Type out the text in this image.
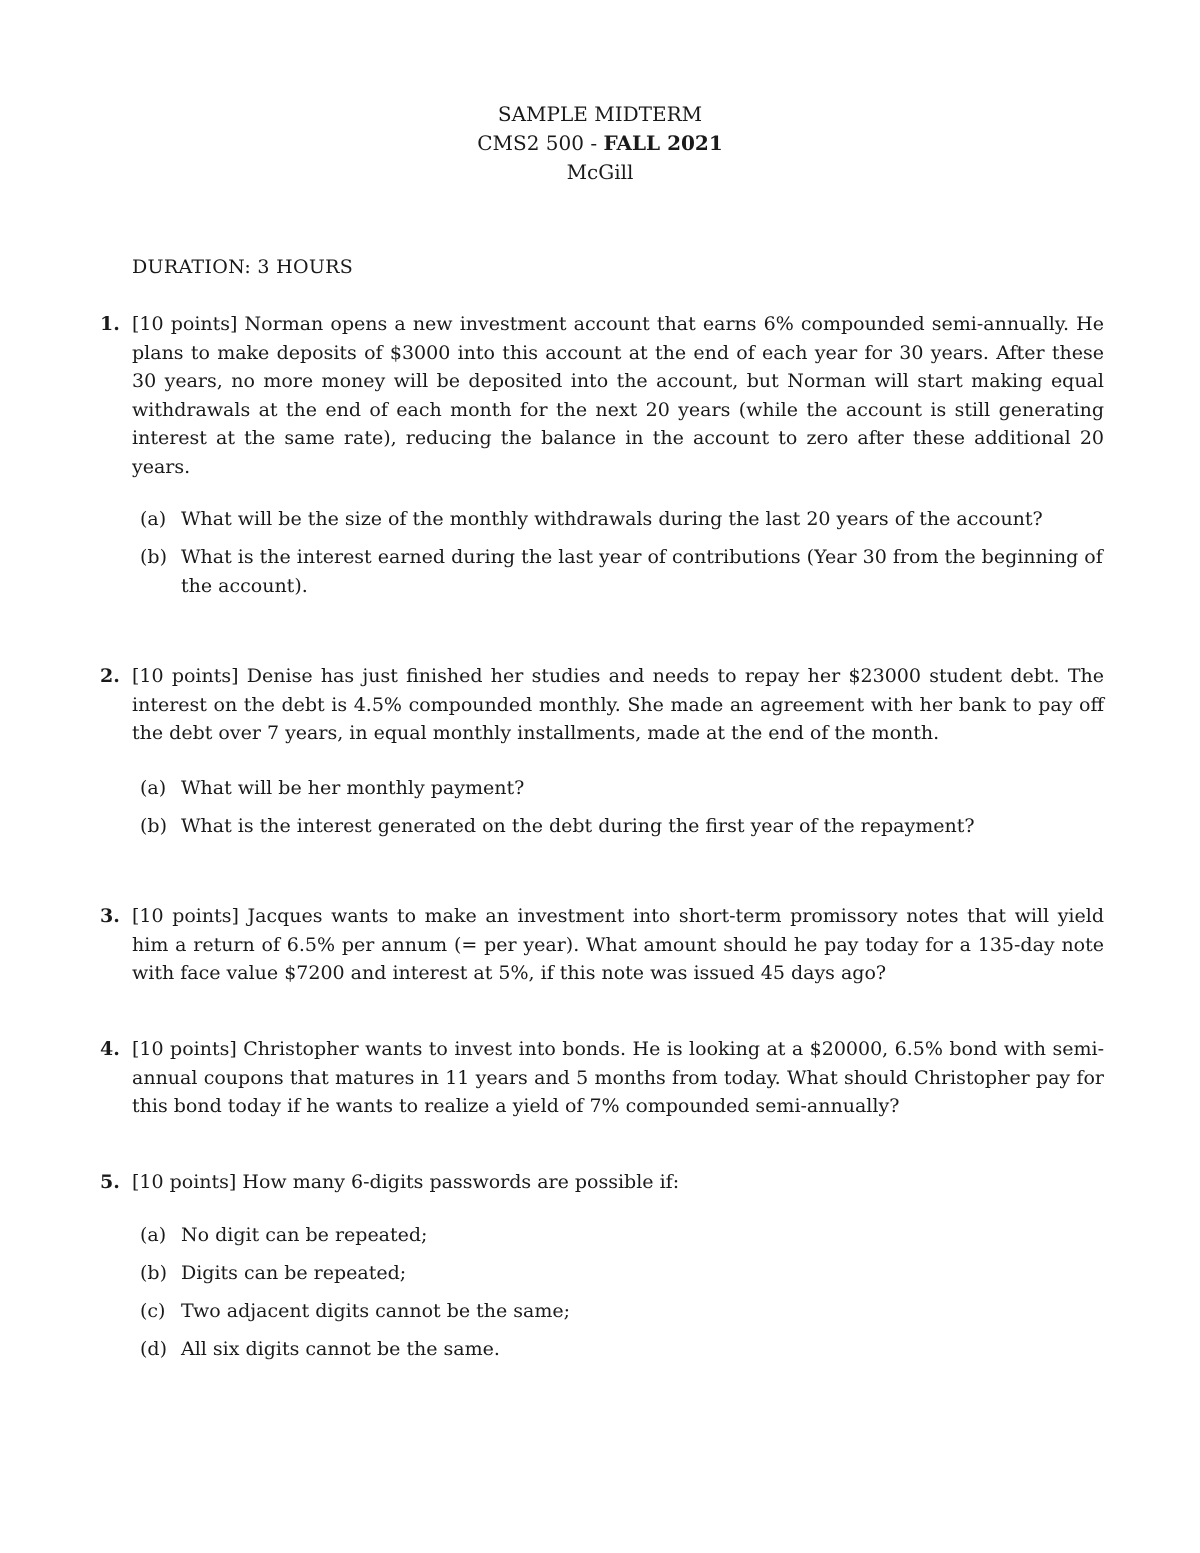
SAMPLE MIDTERM
CMS2 500 - FALL 2021
McGill
DURATION: 3 HOURS
1. [10 points] Norman opens a new investment account that earns 6% compounded semi-annually. He plans to make deposits of $3000 into this account at the end of each year for 30 years. After these 30 years, no more money will be deposited into the account, but Norman will start making equal withdrawals at the end of each month for the next 20 years (while the account is still generating interest at the same rate), reducing the balance in the account to zero after these additional 20 years.
(a) What will be the size of the monthly withdrawals during the last 20 years of the account?
(b) What is the interest earned during the last year of contributions (Year 30 from the beginning of the account).
2. [10 points] Denise has just finished her studies and needs to repay her $23000 student debt. The interest on the debt is 4.5% compounded monthly. She made an agreement with her bank to pay off the debt over 7 years, in equal monthly installments, made at the end of the month.
(a) What will be her monthly payment?
(b) What is the interest generated on the debt during the first year of the repayment?
3. [10 points] Jacques wants to make an investment into short-term promissory notes that will yield him a return of 6.5% per annum (= per year). What amount should he pay today for a 135-day note with face value $7200 and interest at 5%, if this note was issued 45 days ago?
4. [10 points] Christopher wants to invest into bonds. He is looking at a $20000, 6.5% bond with semi-annual coupons that matures in 11 years and 5 months from today. What should Christopher pay for this bond today if he wants to realize a yield of 7% compounded semi-annually?
5. [10 points] How many 6-digits passwords are possible if:
(a) No digit can be repeated;
(b) Digits can be repeated;
(c) Two adjacent digits cannot be the same;
(d) All six digits cannot be the same.
